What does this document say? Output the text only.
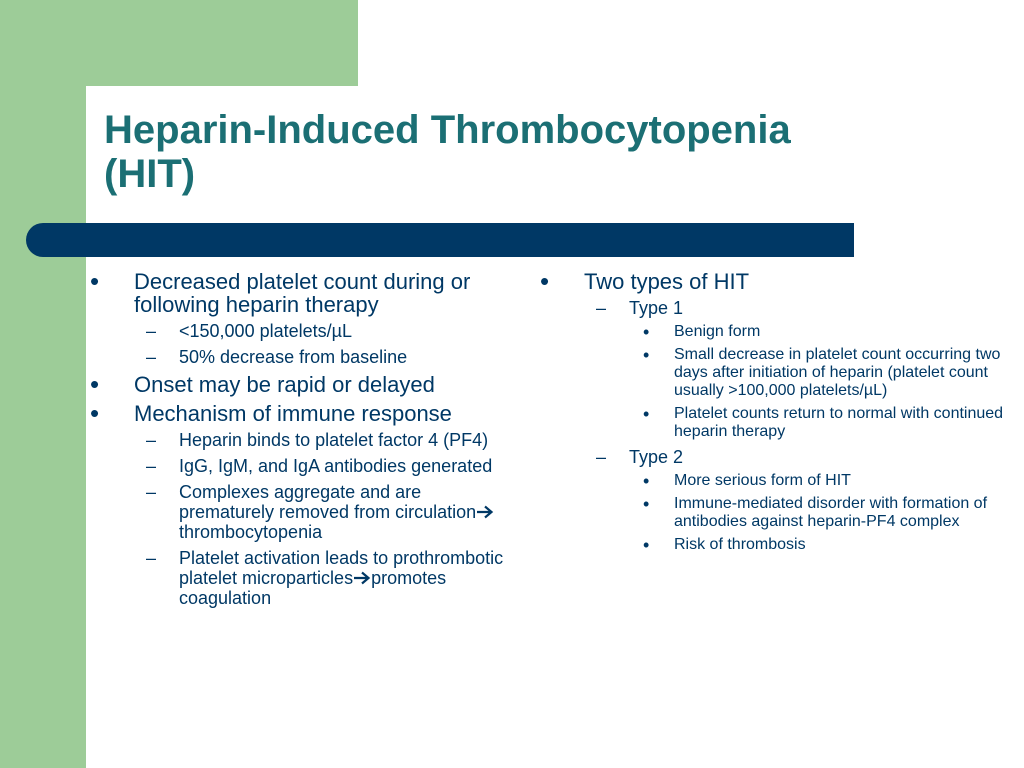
Heparin-Induced Thrombocytopenia
(HIT)
• Decreased platelet count during or following heparin therapy
– <150,000 platelets/µL
– 50% decrease from baseline
• Onset may be rapid or delayed
• Mechanism of immune response
– Heparin binds to platelet factor 4 (PF4)
– IgG, IgM, and IgA antibodies generated
– Complexes aggregate and are prematurely removed from circulationthrombocytopenia
– Platelet activation leads to prothrombotic platelet microparticles promotes coagulation
• Two types of HIT
– Type 1
• Benign form
• Small decrease in platelet count occurring two days after initiation of heparin (platelet count usually >100,000 platelets/µL)
• Platelet counts return to normal with continued heparin therapy
– Type 2
• More serious form of HIT
• Immune-mediated disorder with formation of antibodies against heparin-PF4 complex
• Risk of thrombosis
